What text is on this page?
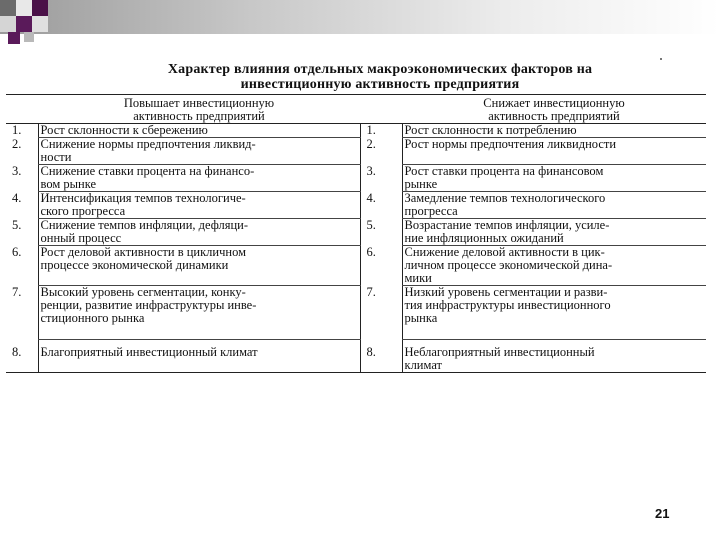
Характер влияния отдельных макроэкономических факторов на
инвестиционную активность предприятия
	Повышает инвестиционную
активность предприятий		Снижает инвестиционную
активность предприятий
1.	Рост склонности к сбережению	1.	Рост склонности к потреблению
2.	Снижение нормы предпочтения ликвид-
ности	2.	Рост нормы предпочтения ликвидности
3.	Снижение ставки процента на финансо-
вом рынке	3.	Рост ставки процента на финансовом
рынке
4.	Интенсификация темпов технологиче-
ского прогресса	4.	Замедление темпов технологического
прогресса
5.	Снижение темпов инфляции, дефляци-
онный процесс	5.	Возрастание темпов инфляции, усиле-
ние инфляционных ожиданий
6.	Рост деловой активности в цикличном
процессе экономической динамики	6.	Снижение деловой активности в цик-
личном процессе экономической дина-
мики
7.	Высокий уровень сегментации, конку-
ренции, развитие инфраструктуры инве-
стиционного рынка	7.	Низкий уровень сегментации и разви-
тия инфраструктуры инвестиционного
рынка
8.	Благоприятный инвестиционный климат	8.	Неблагоприятный инвестиционный
климат
21
